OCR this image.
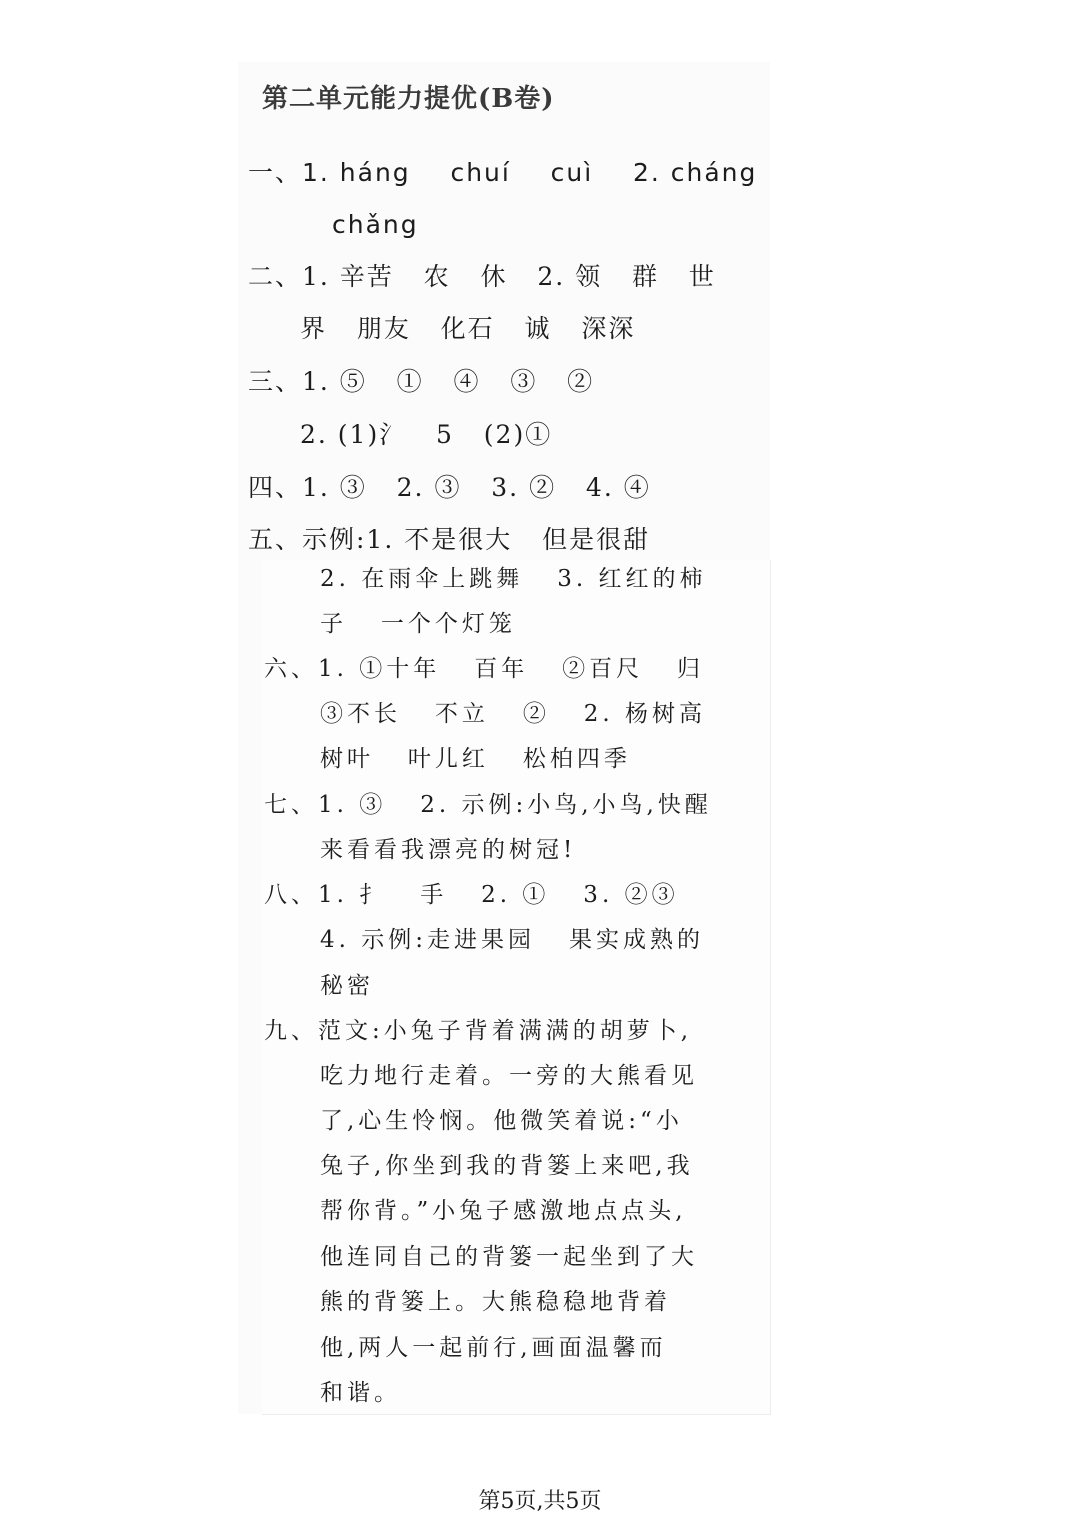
第二单元能力提优(B卷)
一、1. háng    chuí    cuì    2. cháng
chǎng
二、1. 辛苦   农   休   2. 领   群   世
界   朋友   化石   诚   深深
三、1. ⑤   ①   ④   ③   ②
2. (1)氵   5   (2)①
四、1. ③   2. ③   3. ②   4. ④
五、示例:1. 不是很大   但是很甜
2. 在雨伞上跳舞   3. 红红的柿
子   一个个灯笼
六、1. ①十年   百年   ②百尺   归
③不长   不立   ②   2. 杨树高
树叶   叶儿红   松柏四季
七、1. ③   2. 示例:小鸟,小鸟,快醒
来看看我漂亮的树冠!
八、1. 扌   手   2. ①   3. ②③
4. 示例:走进果园   果实成熟的
秘密
九、范文:小兔子背着满满的胡萝卜,
吃力地行走着。一旁的大熊看见
了,心生怜悯。他微笑着说:“小
兔子,你坐到我的背篓上来吧,我
帮你背。”小兔子感激地点点头,
他连同自己的背篓一起坐到了大
熊的背篓上。大熊稳稳地背着
他,两人一起前行,画面温馨而
和谐。
第5页,共5页
